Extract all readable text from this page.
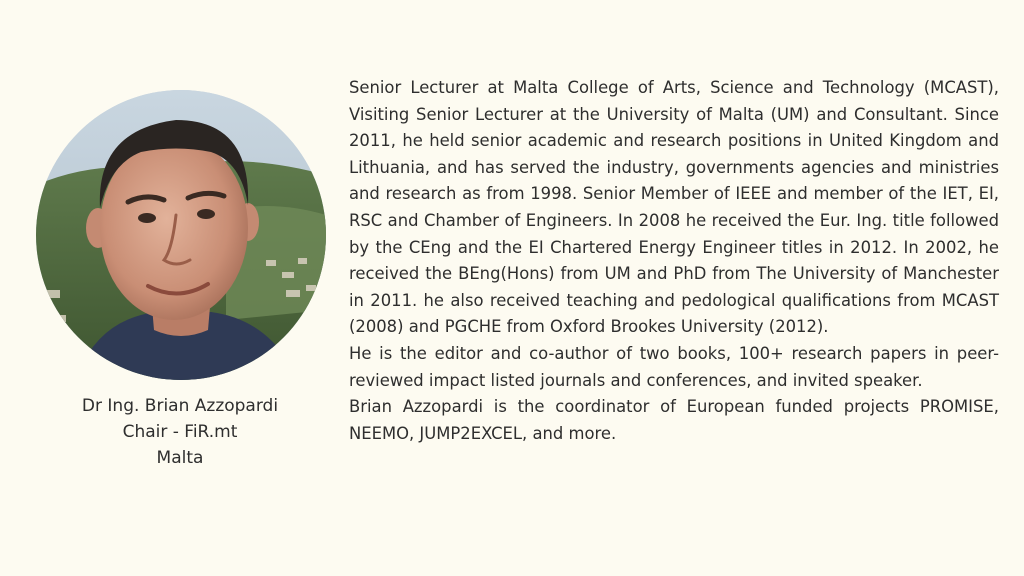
Dr Ing. Brian Azzopardi
Chair - FiR.mt
Malta

Senior Lecturer at Malta College of Arts, Science and Technology (MCAST), Visiting Senior Lecturer at the University of Malta (UM) and Consultant. Since 2011, he held senior academic and research positions in United Kingdom and Lithuania, and has served the industry, governments agencies and ministries and research as from 1998. Senior Member of IEEE and member of the IET, EI, RSC and Chamber of Engineers. In 2008 he received the Eur. Ing. title followed by the CEng and the EI Chartered Energy Engineer titles in 2012. In 2002, he received the BEng(Hons) from UM and PhD from The University of Manchester in 2011. he also received teaching and pedological qualifications from MCAST (2008) and PGCHE from Oxford Brookes University (2012).

He is the editor and co-author of two books, 100+ research papers in peer-reviewed impact listed journals and conferences, and invited speaker.

Brian Azzopardi is the coordinator of European funded projects PROMISE, NEEMO, JUMP2EXCEL, and more.
